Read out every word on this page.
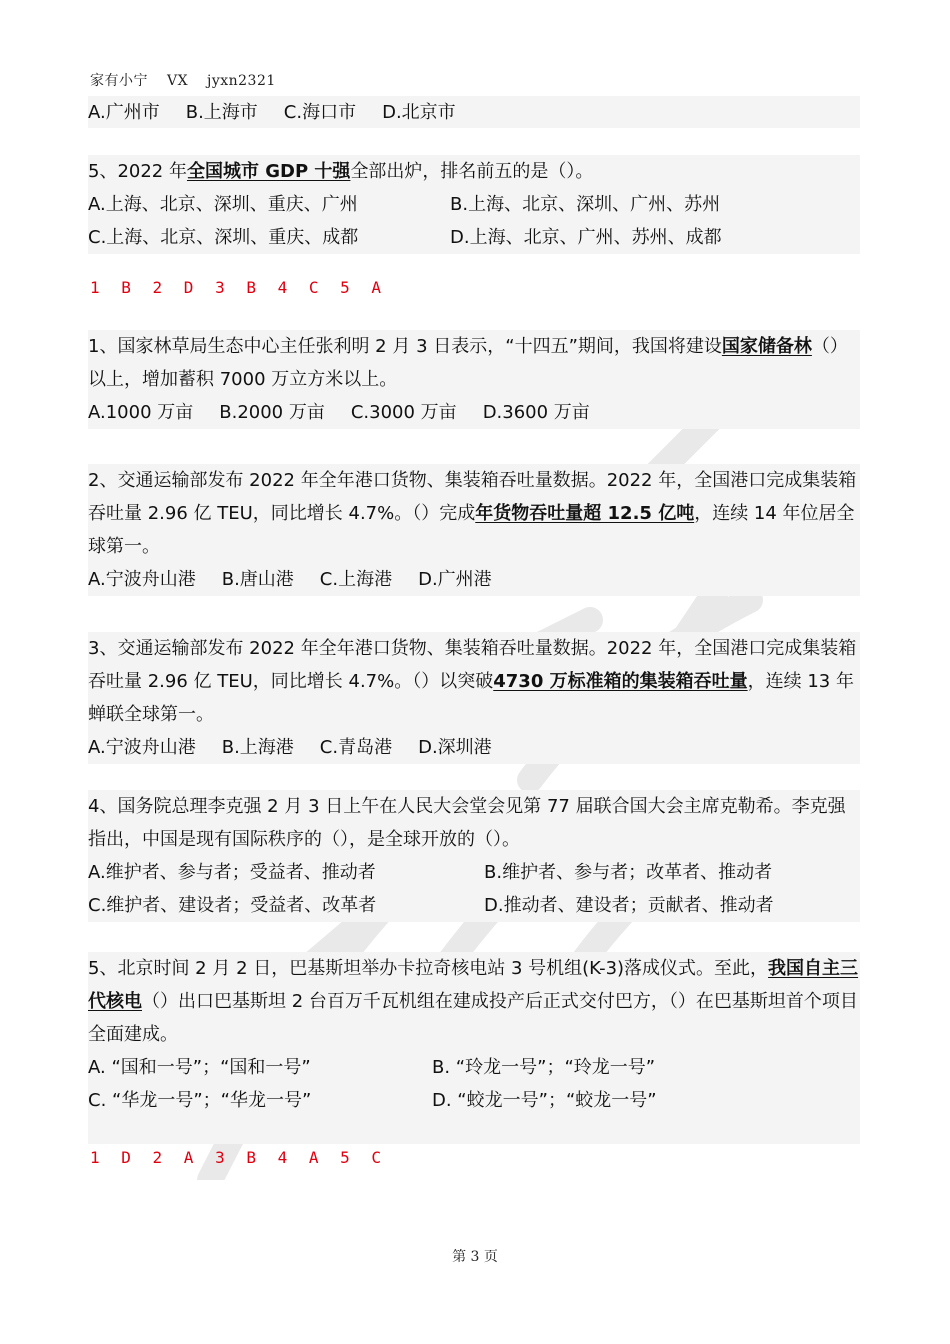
家有小宁 VX jyxn2321
A.广州市 B.上海市 C.海口市 D.北京市

5、2022 年全国城市 GDP 十强全部出炉，排名前五的是（）。

A.上海、北京、深圳、重庆、广州	B.上海、北京、深圳、广州、苏州
C.上海、北京、深圳、重庆、成都	D.上海、北京、广州、苏州、成都
1 B 2 D 3 B 4 C 5 A

1、国家林草局生态中心主任张利明 2 月 3 日表示，“十四五”期间，我国将建设国家储备林（）以上，增加蓄积 7000 万立方米以上。

A.1000 万亩 B.2000 万亩 C.3000 万亩 D.3600 万亩

2、交通运输部发布 2022 年全年港口货物、集装箱吞吐量数据。2022 年，全国港口完成集装箱吞吐量 2.96 亿 TEU，同比增长 4.7%。（）完成年货物吞吐量超 12.5 亿吨，连续 14 年位居全球第一。

A.宁波舟山港 B.唐山港 C.上海港 D.广州港

3、交通运输部发布 2022 年全年港口货物、集装箱吞吐量数据。2022 年，全国港口完成集装箱吞吐量 2.96 亿 TEU，同比增长 4.7%。（）以突破4730 万标准箱的集装箱吞吐量，连续 13 年蝉联全球第一。

A.宁波舟山港 B.上海港 C.青岛港 D.深圳港

4、国务院总理李克强 2 月 3 日上午在人民大会堂会见第 77 届联合国大会主席克勒希。李克强指出，中国是现有国际秩序的（），是全球开放的（）。

A.维护者、参与者；受益者、推动者	B.维护者、参与者；改革者、推动者
C.维护者、建设者；受益者、改革者	D.推动者、建设者；贡献者、推动者

5、北京时间 2 月 2 日，巴基斯坦举办卡拉奇核电站 3 号机组(K-3)落成仪式。至此，我国自主三代核电（）出口巴基斯坦 2 台百万千瓦机组在建成投产后正式交付巴方，（）在巴基斯坦首个项目全面建成。

A. “国和一号”；“国和一号”	B. “玲龙一号”；“玲龙一号”
C. “华龙一号”；“华龙一号”	D. “蛟龙一号”；“蛟龙一号”
1 D 2 A 3 B 4 A 5 C
第 3 页
